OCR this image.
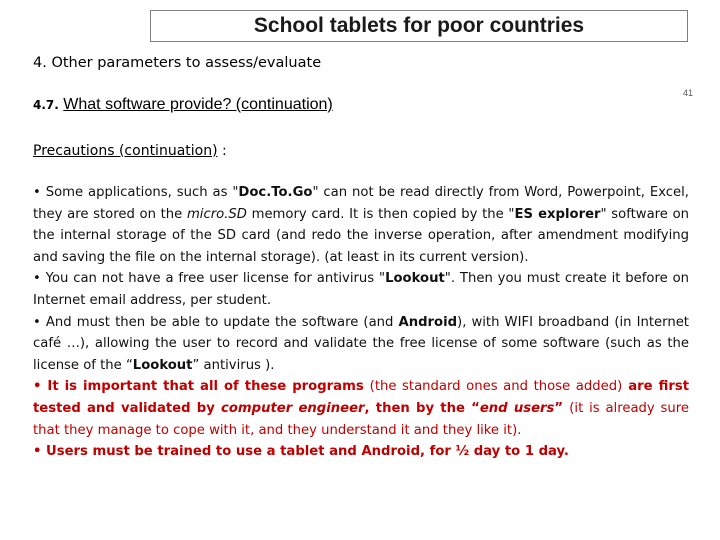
School tablets for poor countries
4. Other parameters to assess/evaluate
41
4.7. What software provide? (continuation)
Precautions (continuation) :

• Some applications, such as "Doc.To.Go" can not be read directly from Word, Powerpoint, Excel, they are stored on the micro.SD memory card. It is then copied by the "ES explorer" software on the internal storage of the SD card (and redo the inverse operation, after amendment modifying and saving the file on the internal storage). (at least in its current version).

• You can not have a free user license for antivirus "Lookout". Then you must create it before on Internet email address, per student.

• And must then be able to update the software (and Android), with WIFI broadband (in Internet café …), allowing the user to record and validate the free license of some software (such as the license of the “Lookout” antivirus ).

• It is important that all of these programs (the standard ones and those added) are first tested and validated by computer engineer, then by the “end users” (it is already sure that they manage to cope with it, and they understand it and they like it).

• Users must be trained to use a tablet and Android, for ½ day to 1 day.
